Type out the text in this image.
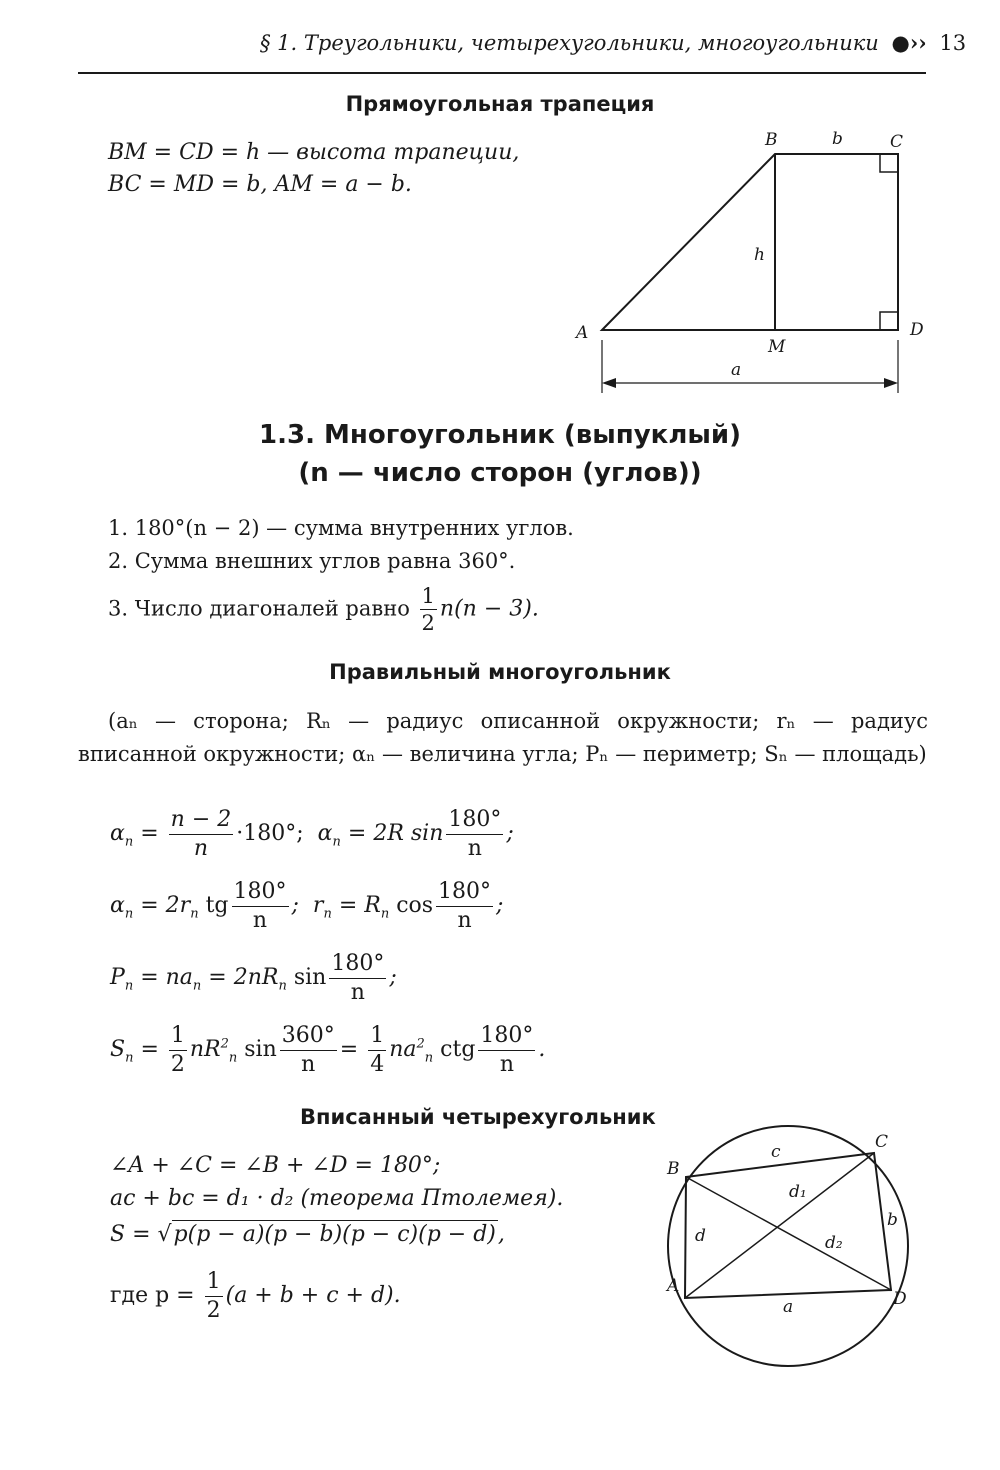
§ 1. Треугольники, четырехугольники, многоугольники ●›› 13
Прямоугольная трапеция
BM = CD = h — высота трапеции,
BC = MD = b, AM = a − b.
A
B	C
D
M
b
h
a
1.3. Многоугольник (выпуклый)
(n — число сторон (углов))
1. 180°(n − 2) — сумма внутренних углов.
2. Сумма внешних углов равна 360°.
3. Число диагоналей равно $\frac{1}{2} n(n - 3)$.
Правильный многоугольник
(aₙ — сторона; Rₙ — радиус описанной окружности; rₙ — радиус вписанной окружности; αₙ — величина угла; Pₙ — периметр; Sₙ — площадь)
$\alpha_n = \frac{n - 2}{n} \cdot 180^\circ$; $\alpha_n = 2R$ $\sin \frac{180^\circ}{n}$ ;
$\alpha_n = 2r_n$ tg $\frac{180^\circ}{n}$ ;  $r_n = R_n$ $\cos \frac{180^\circ}{n}$ ;
$P_n = na_n = 2nR_n$ $\sin \frac{180^\circ}{n}$ ;
$S_n = \frac{1}{2} nR^2_n$ $\sin \frac{360^\circ}{n} = \frac{1}{4} na^2_n$ ctg $\frac{180^\circ}{n}$ .
Вписанный четырехугольник
∠A + ∠C = ∠B + ∠D = 180°;
ac + bc = d₁ · d₂ (теорема Птолемея).
S = √p(p − a)(p − b)(p − c)(p − d),
где $p = \frac{1}{2} (a + b + c + d)$.	A
B
C
D
a
b
c
d
d₁
d₂
